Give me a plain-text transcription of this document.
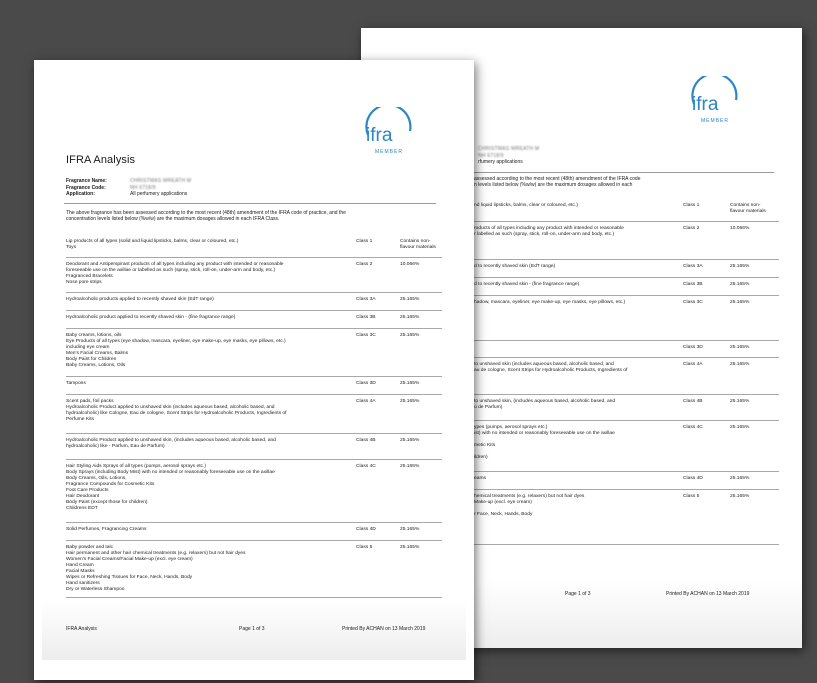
ifra
MEMBER
CHRISTMAS WREATH M
NH 6718/9
rfumery applications
assessed according to the most recent (48th) amendment of the IFRA code
n levels listed below (%w/w) are the maximum dosages allowed in each
nd liquid lipsticks, balms, clear or coloured, etc.)	Class 1	Contains non-
flavour materials
roducts of all types including any product with intended or reasonable
r labelled as such (spray, stick, roll-on, under-arm and body, etc.)
Class 2	10.066%
d to recently shaved skin (EdT range)	Class 3A	25.165%
d to recently shaved skin - (fine fragrance range)	Class 3B	25.165%
hadow, mascara, eyeliner, eye make-up, eye masks, eye pillows, etc.)	Class 3C	25.165%
Class 3D	25.165%
to unshaved skin (includes aqueous based, alcoholic based, and
au de cologne, Scent Strips for Hydroalcoholic Products, Ingredients of
Class 4A	25.165%
to unshaved skin, (includes aqueous based, alcoholic based, and
u de Parfum)
Class 4B	25.165%
ypes (pumps, aerosol sprays etc.)
ist) with no intended or reasonably foreseeable use on the axillae

metic Kits

ildren)
Class 4C	25.165%
eams	Class 4D	25.165%
hemical treatments (e.g. relaxers) but not hair dyes
Make-up (excl. eye cream)

r Face, Neck, Hands, Body
Class 5	25.165%
Page 1 of 3	Printed By ACHAN on 13 March 2019
ifra
MEMBER
IFRA Analysis
Fragrance Name:	CHRISTMAS WREATH M
Fragrance Code:	NH 6718/9
Application:	All perfumery applications
The above fragrance has been assessed according to the most recent (48th) amendment of the IFRA code of practice, and the concentration levels listed below (%w/w) are the maximum dosages allowed in each IFRA Class.
Lip products of all types (solid and liquid lipsticks, balms, clear or coloured, etc.)
Toys
Class 1	Contains non-
flavour materials
Deodorant and Antiperspirant products of all types including any product with intended or reasonable
foreseeable use on the axillae or labelled as such (spray, stick, roll-on, under-arm and body, etc.)
Fragranced Bracelets
Nose pore strips
Class 2	10.066%
Hydroalcoholic products applied to recently shaved skin (EdT range)	Class 3A	25.165%
Hydroalcoholic product applied to recently shaved skin - (fine fragrance range)	Class 3B	25.165%
Baby creams, lotions, oils
Eye Products of all types (eye shadow, mascara, eyeliner, eye make-up, eye masks, eye pillows, etc.)
including eye cream
Men's Facial Creams, Balms
Body Paint for Children
Baby Creams, Lotions, Oils
Class 3C	25.165%
Tampons	Class 3D	25.165%
Scent pads, foil packs
Hydroalcoholic Product applied to unshaved skin (includes aqueous based, alcoholic based, and
hydroalcoholic) like Cologne, Eau de cologne, Scent Strips for Hydroalcoholic Products, Ingredients of
Perfume Kits
Class 4A	25.165%
Hydroalcoholic Product applied to unshaved skin, (includes aqueous based, alcoholic based, and
hydroalcoholic) like - Parfum, Eau de Parfum)
Class 4B	25.165%
Hair Styling Aids Sprays of all types (pumps, aerosol sprays etc.)
Body Sprays (including Body Mist) with no intended or reasonably foreseeable use on the axillae
Body Creams, Oils, Lotions,
Fragrance Compounds for Cosmetic Kits
Foot Care Products
Hair Deodorant
Body Paint (except those for children)
Childrens EDT
Class 4C	25.165%
Solid Perfumes, Fragrancing Creams	Class 4D	25.165%
Baby powder and talc
Hair permanent and other hair chemical treatments (e.g. relaxers) but not hair dyes
Women's Facial Creams/Facial Make-up (excl. eye cream)
Hand Cream
Facial Masks
Wipes or Refreshing Tissues for Face, Neck, Hands, Body
Hand sanitizers
Dry or Waterless Shampoo
Class 5	25.165%
IFRA Analysis	Page 1 of 3	Printed By ACHAN on 13 March 2019
